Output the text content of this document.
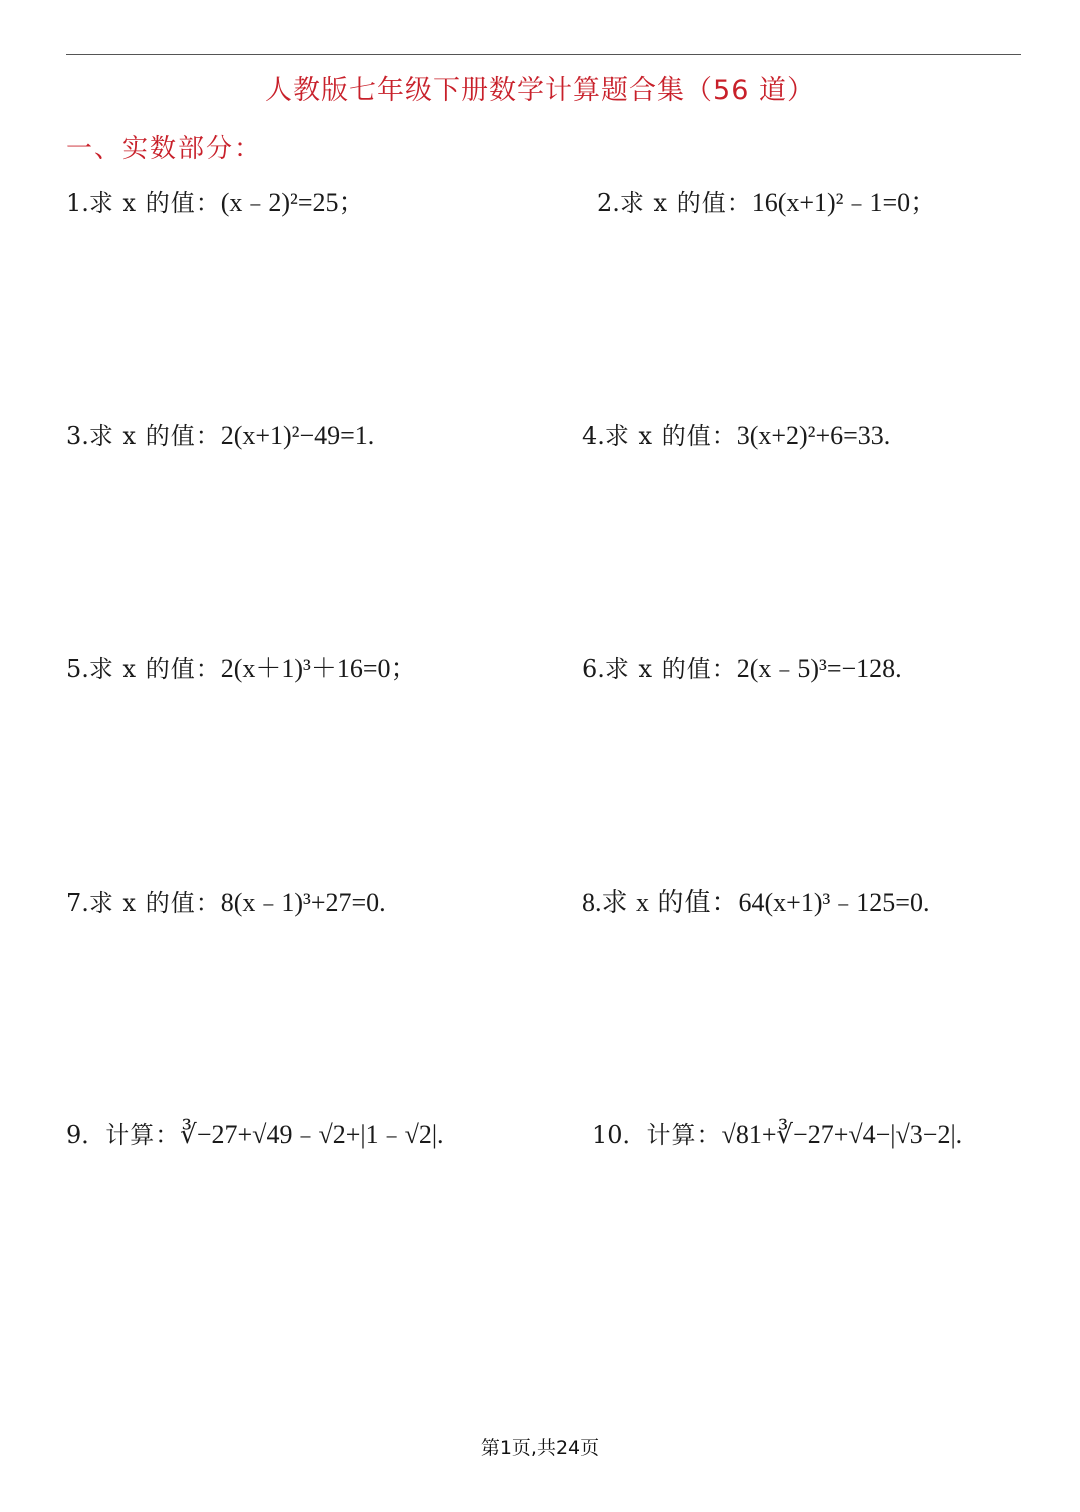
人教版七年级下册数学计算题合集（56 道）
一、实数部分：
1.求 x 的值：(x﹣2)²=25；	2.求 x 的值：16(x+1)²﹣1=0；
3.求 x 的值：2(x+1)²−49=1.	4.求 x 的值：3(x+2)²+6=33.
5.求 x 的值：2(x＋1)³＋16=0；	6.求 x 的值：2(x﹣5)³=−128.
7.求 x 的值：8(x﹣1)³+27=0.	8.求 x 的值：64(x+1)³﹣125=0.
9．计算：∛−27+√49﹣√2+|1﹣√2|.	10．计算：√81+∛−27+√4−|√3−2|.
第1页,共24页
